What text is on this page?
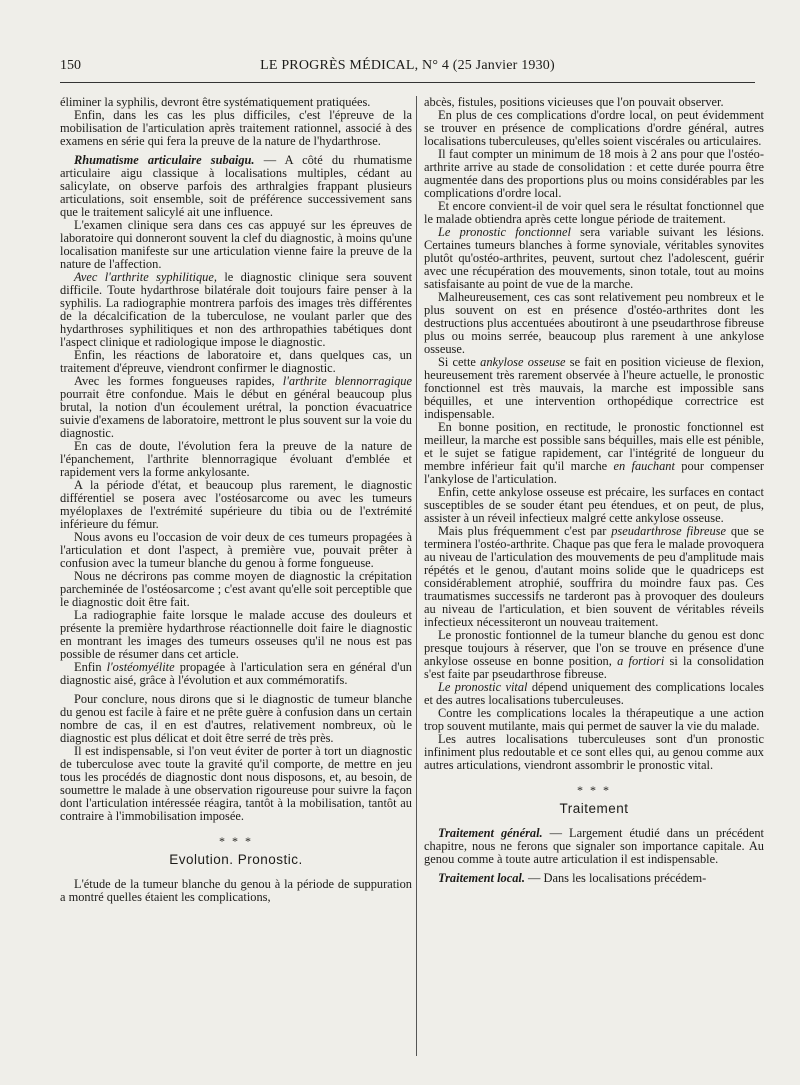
150	LE PROGRÈS MÉDICAL, N° 4 (25 Janvier 1930)

éliminer la syphilis, devront être systématiquement pratiquées.

Enfin, dans les cas les plus difficiles, c'est l'épreuve de la mobilisation de l'articulation après traitement rationnel, associé à des examens en série qui fera la preuve de la nature de l'hydarthrose.

Rhumatisme articulaire subaigu. — A côté du rhumatisme articulaire aigu classique à localisations multiples, cédant au salicylate, on observe parfois des arthralgies frappant plusieurs articulations, soit ensemble, soit de préférence successivement sans que le traitement salicylé ait une influence.

L'examen clinique sera dans ces cas appuyé sur les épreuves de laboratoire qui donneront souvent la clef du diagnostic, à moins qu'une localisation manifeste sur une articulation vienne faire la preuve de la nature de l'affection.

Avec l'arthrite syphilitique, le diagnostic clinique sera souvent difficile. Toute hydarthrose bilatérale doit toujours faire penser à la syphilis. La radiographie montrera parfois des images très différentes de la décalcification de la tuberculose, ne voulant parler que des hydarthroses syphilitiques et non des arthropathies tabétiques dont l'aspect clinique et radiologique impose le diagnostic.

Enfin, les réactions de laboratoire et, dans quelques cas, un traitement d'épreuve, viendront confirmer le diagnostic.

Avec les formes fongueuses rapides, l'arthrite blennorragique pourrait être confondue. Mais le début en général beaucoup plus brutal, la notion d'un écoulement urétral, la ponction évacuatrice suivie d'examens de laboratoire, mettront le plus souvent sur la voie du diagnostic.

En cas de doute, l'évolution fera la preuve de la nature de l'épanchement, l'arthrite blennorragique évoluant d'emblée et rapidement vers la forme ankylosante.

A la période d'état, et beaucoup plus rarement, le diagnostic différentiel se posera avec l'ostéosarcome ou avec les tumeurs myéloplaxes de l'extrémité supérieure du tibia ou de l'extrémité inférieure du fémur.

Nous avons eu l'occasion de voir deux de ces tumeurs propagées à l'articulation et dont l'aspect, à première vue, pouvait prêter à confusion avec la tumeur blanche du genou à forme fongueuse.

Nous ne décrirons pas comme moyen de diagnostic la crépitation parcheminée de l'ostéosarcome ; c'est avant qu'elle soit perceptible que le diagnostic doit être fait.

La radiographie faite lorsque le malade accuse des douleurs et présente la première hydarthrose réactionnelle doit faire le diagnostic en montrant les images des tumeurs osseuses qu'il ne nous est pas possible de résumer dans cet article.

Enfin l'ostéomyélite propagée à l'articulation sera en général d'un diagnostic aisé, grâce à l'évolution et aux commémoratifs.

Pour conclure, nous dirons que si le diagnostic de tumeur blanche du genou est facile à faire et ne prête guère à confusion dans un certain nombre de cas, il en est d'autres, relativement nombreux, où le diagnostic est plus délicat et doit être serré de très près.

Il est indispensable, si l'on veut éviter de porter à tort un diagnostic de tuberculose avec toute la gravité qu'il comporte, de mettre en jeu tous les procédés de diagnostic dont nous disposons, et, au besoin, de soumettre le malade à une observation rigoureuse pour suivre la façon dont l'articulation intéressée réagira, tantôt à la mobilisation, tantôt au contraire à l'immobilisation imposée.

* * *
Evolution. Pronostic.

L'étude de la tumeur blanche du genou à la période de suppuration a montré quelles étaient les complications,

abcès, fistules, positions vicieuses que l'on pouvait observer.

En plus de ces complications d'ordre local, on peut évidemment se trouver en présence de complications d'ordre général, autres localisations tuberculeuses, qu'elles soient viscérales ou articulaires.

Il faut compter un minimum de 18 mois à 2 ans pour que l'ostéo-arthrite arrive au stade de consolidation : et cette durée pourra être augmentée dans des proportions plus ou moins considérables par les complications d'ordre local.

Et encore convient-il de voir quel sera le résultat fonctionnel que le malade obtiendra après cette longue période de traitement.

Le pronostic fonctionnel sera variable suivant les lésions. Certaines tumeurs blanches à forme synoviale, véritables synovites plutôt qu'ostéo-arthrites, peuvent, surtout chez l'adolescent, guérir avec une récupération des mouvements, sinon totale, tout au moins satisfaisante au point de vue de la marche.

Malheureusement, ces cas sont relativement peu nombreux et le plus souvent on est en présence d'ostéo-arthrites dont les destructions plus accentuées aboutiront à une pseudarthrose fibreuse plus ou moins serrée, beaucoup plus rarement à une ankylose osseuse.

Si cette ankylose osseuse se fait en position vicieuse de flexion, heureusement très rarement observée à l'heure actuelle, le pronostic fonctionnel est très mauvais, la marche est impossible sans béquilles, et une intervention orthopédique correctrice est indispensable.

En bonne position, en rectitude, le pronostic fonctionnel est meilleur, la marche est possible sans béquilles, mais elle est pénible, et le sujet se fatigue rapidement, car l'intégrité de longueur du membre inférieur fait qu'il marche en fauchant pour compenser l'ankylose de l'articulation.

Enfin, cette ankylose osseuse est précaire, les surfaces en contact susceptibles de se souder étant peu étendues, et on peut, de plus, assister à un réveil infectieux malgré cette ankylose osseuse.

Mais plus fréquemment c'est par pseudarthrose fibreuse que se terminera l'ostéo-arthrite. Chaque pas que fera le malade provoquera au niveau de l'articulation des mouvements de peu d'amplitude mais répétés et le genou, d'autant moins solide que le quadriceps est considérablement atrophié, souffrira du moindre faux pas. Ces traumatismes successifs ne tarderont pas à provoquer des douleurs au niveau de l'articulation, et bien souvent de véritables réveils infectieux nécessiteront un nouveau traitement.

Le pronostic fontionnel de la tumeur blanche du genou est donc presque toujours à réserver, que l'on se trouve en présence d'une ankylose osseuse en bonne position, a fortiori si la consolidation s'est faite par pseudarthrose fibreuse.

Le pronostic vital dépend uniquement des complications locales et des autres localisations tuberculeuses.

Contre les complications locales la thérapeutique a une action trop souvent mutilante, mais qui permet de sauver la vie du malade.

Les autres localisations tuberculeuses sont d'un pronostic infiniment plus redoutable et ce sont elles qui, au genou comme aux autres articulations, viendront assombrir le pronostic vital.

* * *
Traitement

Traitement général. — Largement étudié dans un précédent chapitre, nous ne ferons que signaler son importance capitale. Au genou comme à toute autre articulation il est indispensable.

Traitement local. — Dans les localisations précédem-
